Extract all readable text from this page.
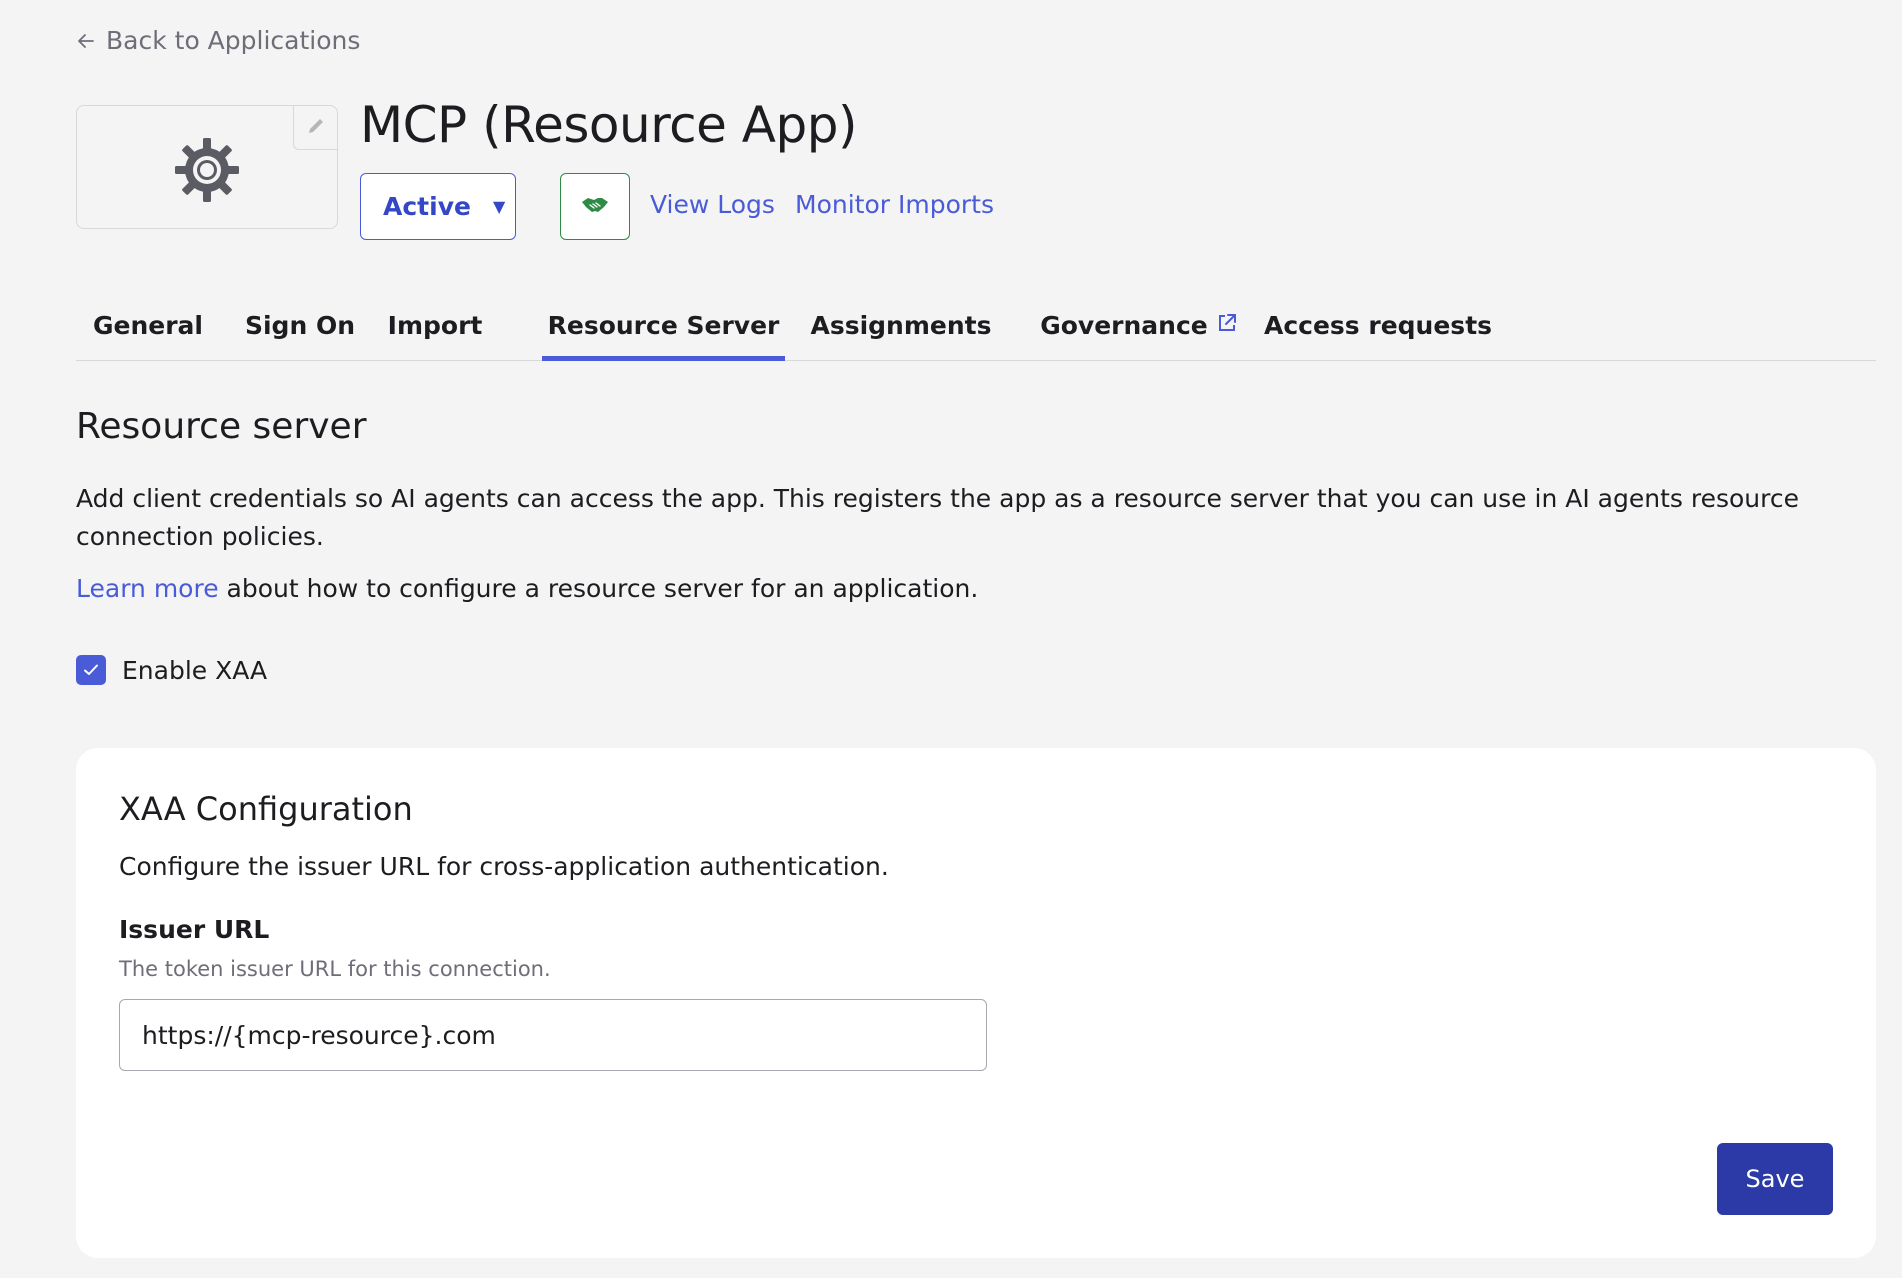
Back to Applications
MCP (Resource App)
Active ▼	View Logs Monitor Imports
General Sign On Import	Resource Server Assignments Governance Access requests
Resource server

Add client credentials so AI agents can access the app. This registers the app as a resource server that you can use in AI agents resource connection policies.

Learn more about how to configure a resource server for an application.

Enable XAA
XAA Configuration

Configure the issuer URL for cross-application authentication.

Issuer URL

The token issuer URL for this connection.

https://{mcp-resource}.com
Save
